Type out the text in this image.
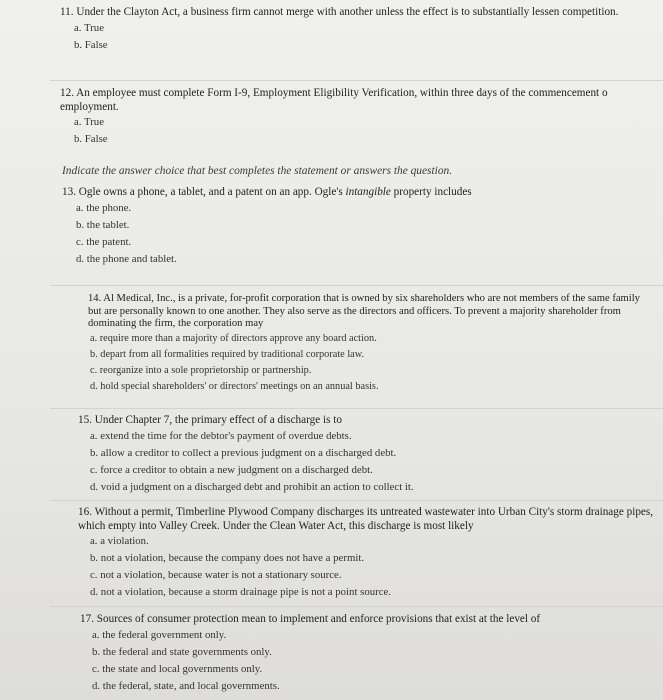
11. Under the Clayton Act, a business firm cannot merge with another unless the effect is to substantially lessen competition.
a. True
b. False
12. An employee must complete Form I-9, Employment Eligibility Verification, within three days of the commencement o employment.
a. True
b. False
Indicate the answer choice that best completes the statement or answers the question.
13. Ogle owns a phone, a tablet, and a patent on an app. Ogle's intangible property includes
a. the phone.
b. the tablet.
c. the patent.
d. the phone and tablet.
14. Al Medical, Inc., is a private, for-profit corporation that is owned by six shareholders who are not members of the same family but are personally known to one another. They also serve as the directors and officers. To prevent a majority shareholder from dominating the firm, the corporation may
a. require more than a majority of directors approve any board action.
b. depart from all formalities required by traditional corporate law.
c. reorganize into a sole proprietorship or partnership.
d. hold special shareholders' or directors' meetings on an annual basis.
15. Under Chapter 7, the primary effect of a discharge is to
a. extend the time for the debtor's payment of overdue debts.
b. allow a creditor to collect a previous judgment on a discharged debt.
c. force a creditor to obtain a new judgment on a discharged debt.
d. void a judgment on a discharged debt and prohibit an action to collect it.
16. Without a permit, Timberline Plywood Company discharges its untreated wastewater into Urban City's storm drainage pipes, which empty into Valley Creek. Under the Clean Water Act, this discharge is most likely
a. a violation.
b. not a violation, because the company does not have a permit.
c. not a violation, because water is not a stationary source.
d. not a violation, because a storm drainage pipe is not a point source.
17. Sources of consumer protection mean to implement and enforce provisions that exist at the level of
a. the federal government only.
b. the federal and state governments only.
c. the state and local governments only.
d. the federal, state, and local governments.
